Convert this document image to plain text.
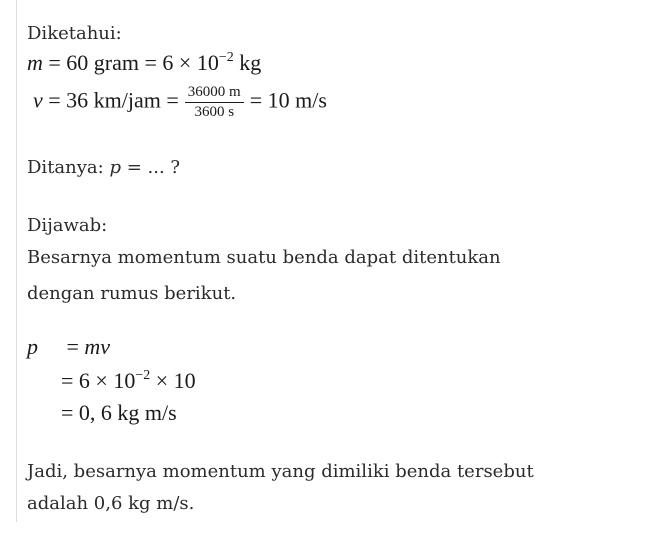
Diketahui:
m = 60 gram = $6 \times 10^{-2}$ kg
v = 36 $km/jam = \frac{36000 m}{3600 s} = 10$ m/s
Ditanya: p = ... ?
Dijawab:
Besarnya momentum suatu benda dapat ditentukan
dengan rumus berikut.
p = mv
= $6 \times 10^{-2} \times 10$
= 0, 6 kg m/s
Jadi, besarnya momentum yang dimiliki benda tersebut
adalah 0,6 kg m/s.
